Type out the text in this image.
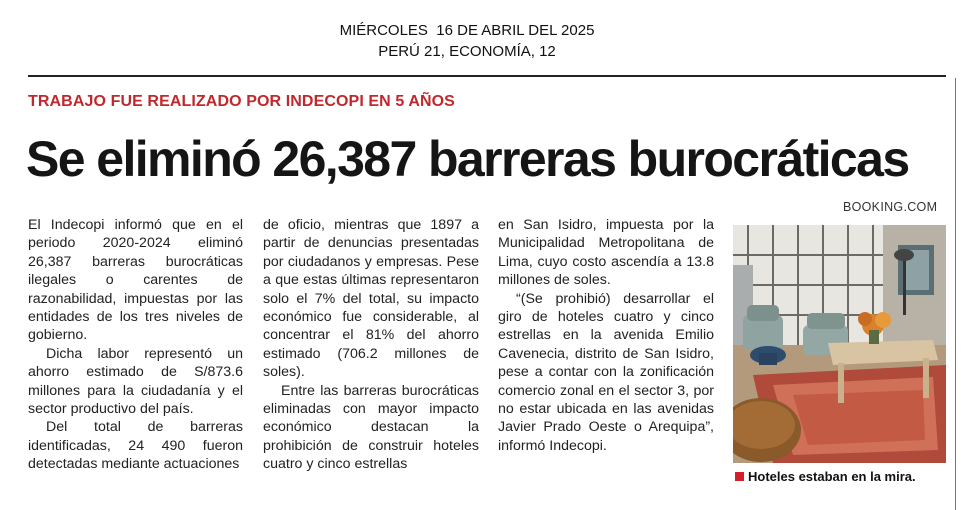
MIÉRCOLES  16 DE ABRIL DEL 2025
PERÚ 21, ECONOMÍA, 12
TRABAJO FUE REALIZADO POR INDECOPI EN 5 AÑOS
Se eliminó 26,387 barreras burocráticas

El Indecopi informó que en el periodo 2020-2024 eliminó 26,387 barreras burocráticas ilegales o carentes de razonabilidad, impuestas por las entidades de los tres niveles de gobierno.

Dicha labor representó un ahorro estimado de S/873.6 millones para la ciudadanía y el sector productivo del país.

Del total de barreras identificadas, 24 490 fueron detectadas mediante actuaciones

de oficio, mientras que 1897 a partir de denuncias presentadas por ciudadanos y empresas. Pese a que estas últimas representaron solo el 7% del total, su impacto económico fue considerable, al concentrar el 81% del ahorro estimado (706.2 millones de soles).

Entre las barreras burocráticas eliminadas con mayor impacto económico destacan la prohibición de construir hoteles cuatro y cinco estrellas

en San Isidro, impuesta por la Municipalidad Metropolitana de Lima, cuyo costo ascendía a 13.8 millones de soles.

“(Se prohibió) desarrollar el giro de hoteles cuatro y cinco estrellas en la avenida Emilio Cavenecia, distrito de San Isidro, pese a contar con la zonificación comercio zonal en el sector 3, por no estar ubicada en las avenidas Javier Prado Oeste o Arequipa”, informó Indecopi.

BOOKING.COM
Hoteles estaban en la mira.
